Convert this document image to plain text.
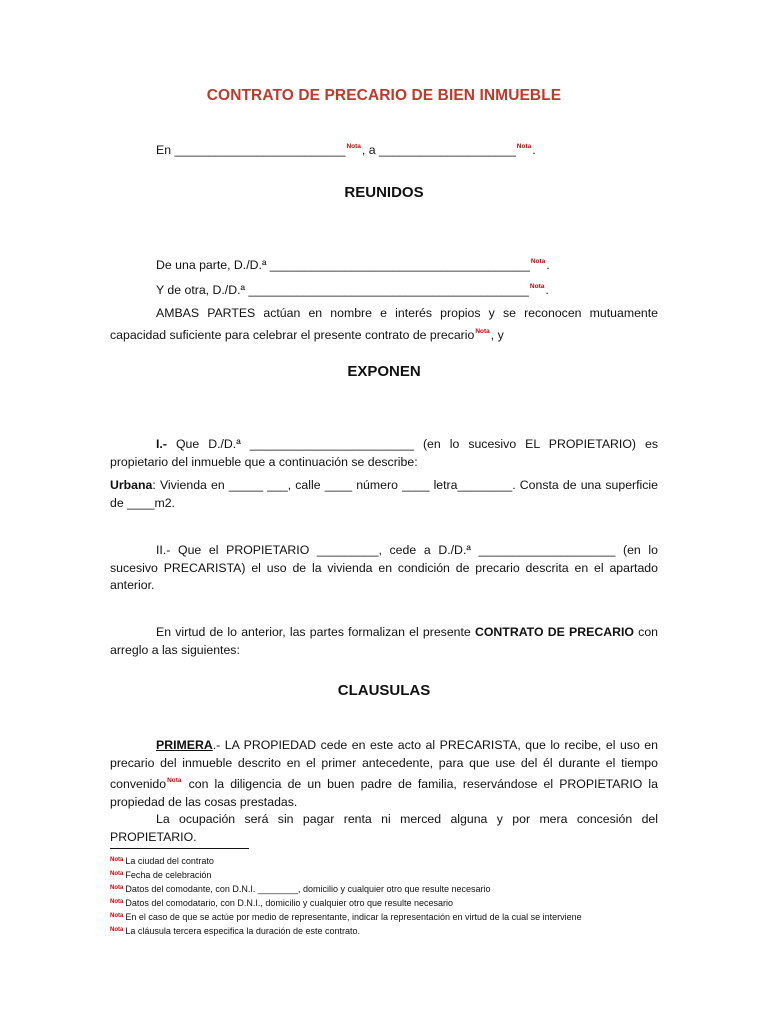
CONTRATO DE PRECARIO DE BIEN INMUEBLE
En _________________________$^{Nota}$, a ____________________$^{Nota}$.
REUNIDOS
De una parte, D./D.ª ______________________________________$^{Nota}$.
Y de otra, D./D.ª _________________________________________$^{Nota}$.
AMBAS PARTES actúan en nombre e interés propios y se reconocen mutuamente capacidad suficiente para celebrar el presente contrato de precario$^{Nota}$, y
EXPONEN
I.- Que D./D.ª ________________________ (en lo sucesivo EL PROPIETARIO) es propietario del inmueble que a continuación se describe:
Urbana: Vivienda en _____ ___, calle ____ número ____ letra________. Consta de una superficie de ____m2.
II.- Que el PROPIETARIO _________, cede a D./D.ª ____________________ (en lo sucesivo PRECARISTA) el uso de la vivienda en condición de precario descrita en el apartado anterior.
En virtud de lo anterior, las partes formalizan el presente CONTRATO DE PRECARIO con arreglo a las siguientes:
CLAUSULAS
PRIMERA.- LA PROPIEDAD cede en este acto al PRECARISTA, que lo recibe, el uso en precario del inmueble descrito en el primer antecedente, para que use del él durante el tiempo convenido$^{Nota}$ con la diligencia de un buen padre de familia, reservándose el PROPIETARIO la propiedad de las cosas prestadas.
La ocupación será sin pagar renta ni merced alguna y por mera concesión del PROPIETARIO.
$^{Nota}$ La ciudad del contrato
$^{Nota}$ Fecha de celebración
$^{Nota}$ Datos del comodante, con D.N.I. ________, domicilio y cualquier otro que resulte necesario
$^{Nota}$ Datos del comodatario, con D.N.I., domicilio y cualquier otro que resulte necesario
$^{Nota}$ En el caso de que se actúe por medio de representante, indicar la representación en virtud de la cual se interviene
$^{Nota}$ La cláusula tercera especifica la duración de este contrato.
